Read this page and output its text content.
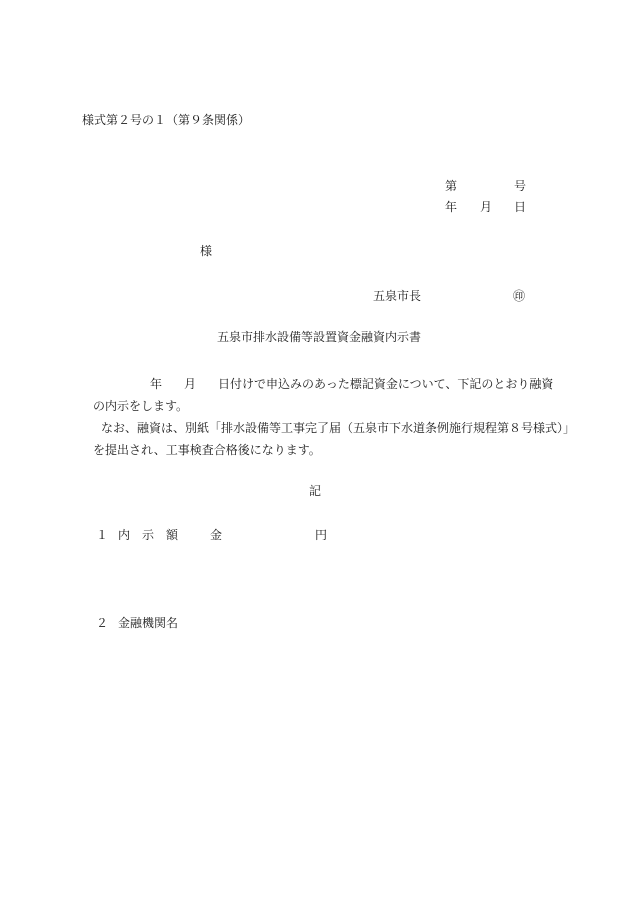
様式第２号の１（第９条関係）
第	号
年 月 日
様
五泉市長	㊞
五泉市排水設備等設置資金融資内示書

年 月 日付けで申込みのあった標記資金について、下記のとおり融資

の内示をします。

なお、融資は、別紙「排水設備等工事完了届（五泉市下水道条例施行規程第８号様式）」

を提出され、工事検査合格後になります。

記
１ 内　示　額	金	円
２ 金融機関名
